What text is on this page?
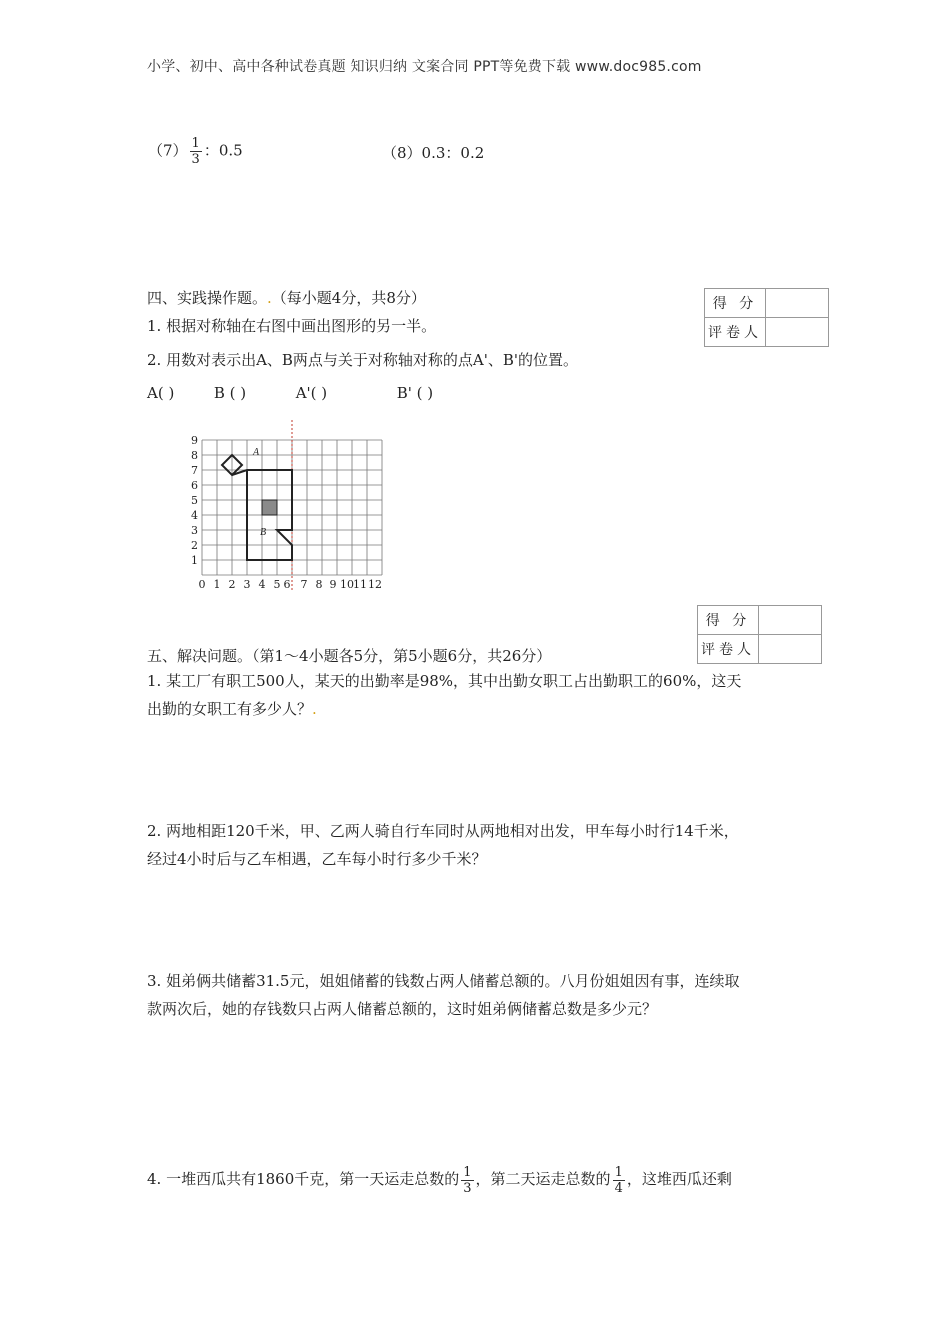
小学、初中、高中各种试卷真题 知识归纳 文案合同 PPT等免费下载 www.doc985.com
$(7) \frac{1}{3}$ ：0.5	（8）0.3：0.2
四、实践操作题。.（每小题4分，共8分）	得 分	
评卷人	
1. 根据对称轴在右图中画出图形的另一半。
2. 用数对表示出A、B两点与关于对称轴对称的点A'、B'的位置。
A( )	B ( )	A'( )	B' ( )
A
B
9
8
7
6
5
4
3
2
1
0 1 2 3 4 5 6 7 8 9 10 11 12
得 分	
评卷人	
五、解决问题。（第1～4小题各5分，第5小题6分，共26分）
1. 某工厂有职工500人，某天的出勤率是98%，其中出勤女职工占出勤职工的60%，这天
出勤的女职工有多少人？.
2. 两地相距120千米，甲、乙两人骑自行车同时从两地相对出发，甲车每小时行14千米，
经过4小时后与乙车相遇，乙车每小时行多少千米？
3. 姐弟俩共储蓄31.5元，姐姐储蓄的钱数占两人储蓄总额的。八月份姐姐因有事，连续取
款两次后，她的存钱数只占两人储蓄总额的，这时姐弟俩储蓄总数是多少元？
4. 一堆西瓜共有1860千克，第一天运走总数的 $\frac{1}{3}$ ，第二天运走总数的 $\frac{1}{4}$ ，这堆西瓜还剩
